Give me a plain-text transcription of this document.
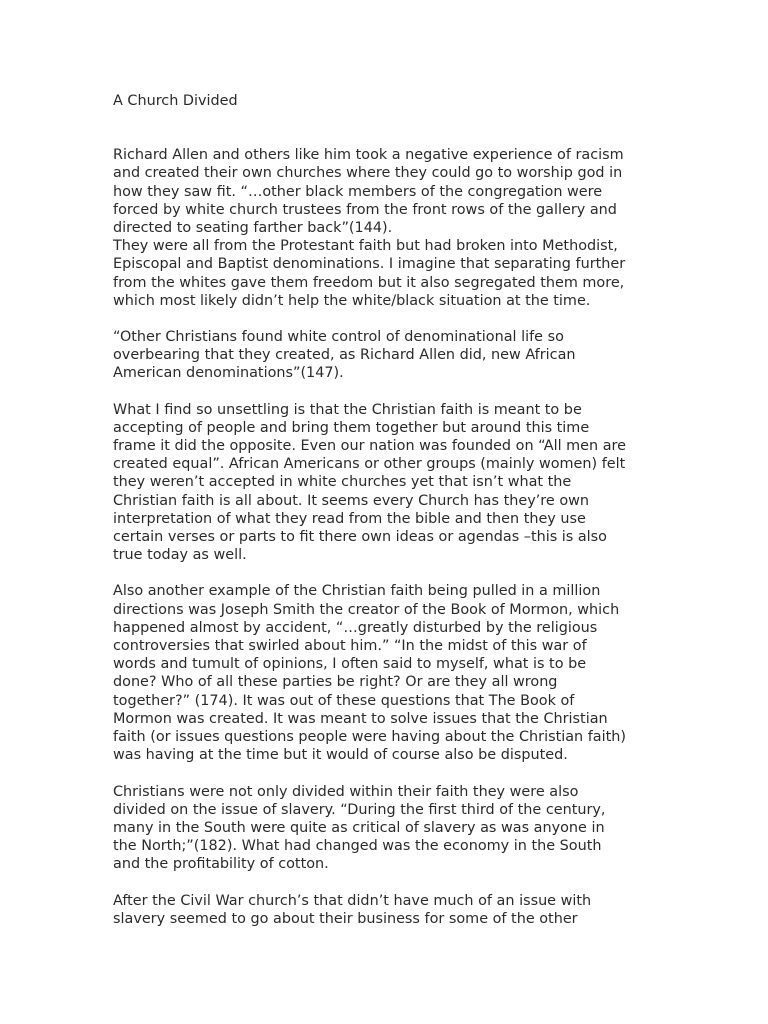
A Church Divided

Richard Allen and others like him took a negative experience of racism
and created their own churches where they could go to worship god in
how they saw fit. “…other black members of the congregation were
forced by white church trustees from the front rows of the gallery and
directed to seating farther back”(144).

They were all from the Protestant faith but had broken into Methodist,
Episcopal and Baptist denominations. I imagine that separating further
from the whites gave them freedom but it also segregated them more,
which most likely didn’t help the white/black situation at the time.

“Other Christians found white control of denominational life so
overbearing that they created, as Richard Allen did, new African
American denominations”(147).

What I find so unsettling is that the Christian faith is meant to be
accepting of people and bring them together but around this time
frame it did the opposite. Even our nation was founded on “All men are
created equal”. African Americans or other groups (mainly women) felt
they weren’t accepted in white churches yet that isn’t what the
Christian faith is all about. It seems every Church has they’re own
interpretation of what they read from the bible and then they use
certain verses or parts to fit there own ideas or agendas –this is also
true today as well.

Also another example of the Christian faith being pulled in a million
directions was Joseph Smith the creator of the Book of Mormon, which
happened almost by accident, “…greatly disturbed by the religious
controversies that swirled about him.” “In the midst of this war of
words and tumult of opinions, I often said to myself, what is to be
done? Who of all these parties be right? Or are they all wrong
together?” (174). It was out of these questions that The Book of
Mormon was created. It was meant to solve issues that the Christian
faith (or issues questions people were having about the Christian faith)
was having at the time but it would of course also be disputed.

Christians were not only divided within their faith they were also
divided on the issue of slavery. “During the first third of the century,
many in the South were quite as critical of slavery as was anyone in
the North;”(182). What had changed was the economy in the South
and the profitability of cotton.

After the Civil War church’s that didn’t have much of an issue with
slavery seemed to go about their business for some of the other
